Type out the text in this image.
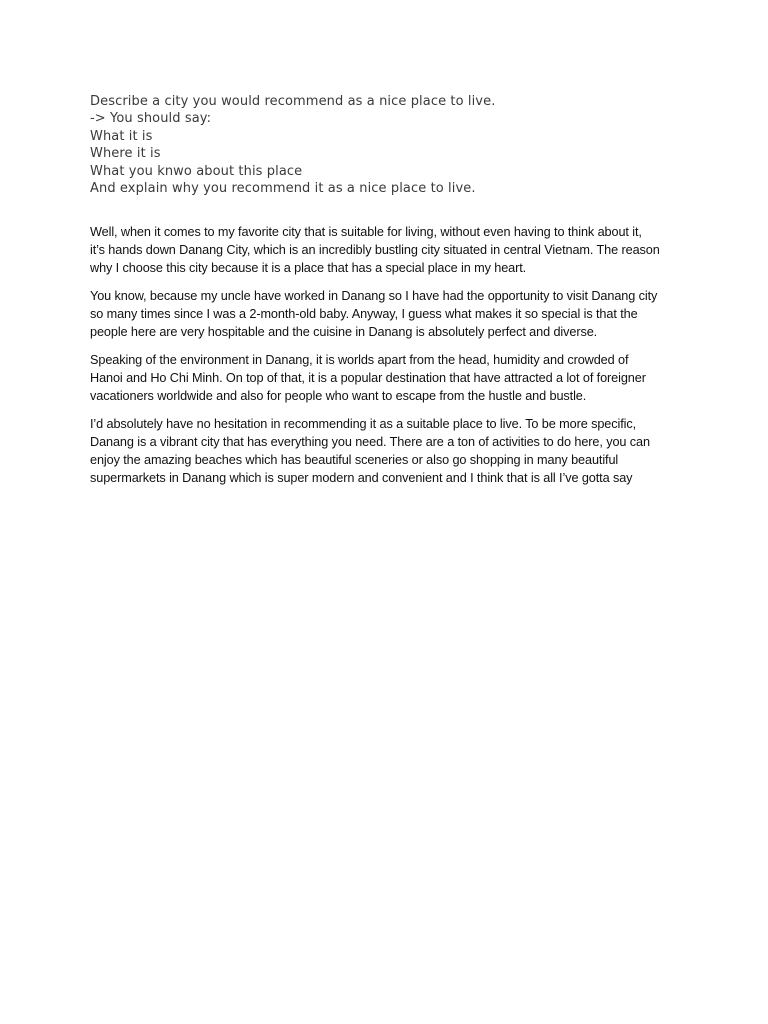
Describe a city you would recommend as a nice place to live.
-> You should say:
What it is
Where it is
What you knwo about this place
And explain why you recommend it as a nice place to live.

Well, when it comes to my favorite city that is suitable for living, without even having to think about it,
it’s hands down Danang City, which is an incredibly bustling city situated in central Vietnam. The reason
why I choose this city because it is a place that has a special place in my heart.

You know, because my uncle have worked in Danang so I have had the opportunity to visit Danang city
so many times since I was a 2-month-old baby. Anyway, I guess what makes it so special is that the
people here are very hospitable and the cuisine in Danang is absolutely perfect and diverse.

Speaking of the environment in Danang, it is worlds apart from the head, humidity and crowded of
Hanoi and Ho Chi Minh. On top of that, it is a popular destination that have attracted a lot of foreigner
vacationers worldwide and also for people who want to escape from the hustle and bustle.

I’d absolutely have no hesitation in recommending it as a suitable place to live. To be more specific,
Danang is a vibrant city that has everything you need. There are a ton of activities to do here, you can
enjoy the amazing beaches which has beautiful sceneries or also go shopping in many beautiful
supermarkets in Danang which is super modern and convenient and I think that is all I’ve gotta say
